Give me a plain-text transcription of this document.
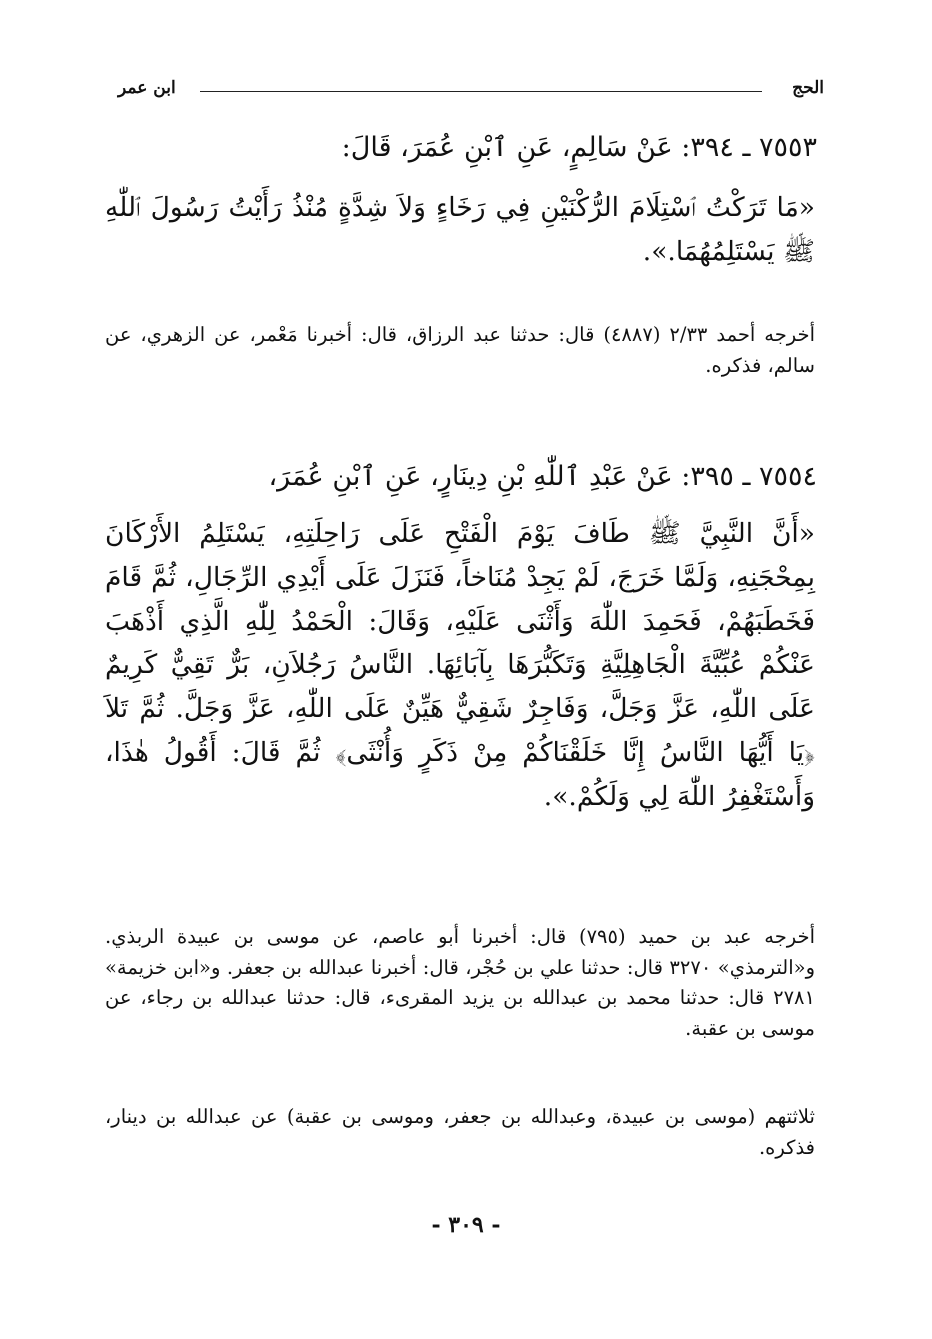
الحج
ابن عمر
٧٥٥٣ ـ ٣٩٤: عَنْ سَالِمٍ، عَنِ ٱبْنِ عُمَرَ، قَالَ:
«مَا تَرَكْتُ ٱسْتِلَامَ الرُّكْنَيْنِ فِي رَخَاءٍ وَلاَ شِدَّةٍ مُنْذُ رَأَيْتُ رَسُولَ ٱللّٰهِ ﷺ يَسْتَلِمُهُمَا.».
أخرجه أحمد ٢/٣٣ (٤٨٨٧) قال: حدثنا عبد الرزاق، قال: أخبرنا مَعْمر، عن الزهري، عن سالم، فذكره.
٧٥٥٤ ـ ٣٩٥: عَنْ عَبْدِ ٱللّٰهِ بْنِ دِينَارٍ، عَنِ ٱبْنِ عُمَرَ،
«أَنَّ النَّبِيَّ ﷺ طَافَ يَوْمَ الْفَتْحِ عَلَى رَاحِلَتِهِ، يَسْتَلِمُ الأَرْكَانَ بِمِحْجَنِهِ، وَلَمَّا خَرَجَ، لَمْ يَجِدْ مُنَاخاً، فَنَزَلَ عَلَى أَيْدِي الرِّجَالِ، ثُمَّ قَامَ فَخَطَبَهُمْ، فَحَمِدَ اللّٰهَ وَأَثْنَى عَلَيْهِ، وَقَالَ: الْحَمْدُ لِلّٰهِ الَّذِي أَذْهَبَ عَنْكُمْ عُبِّيَّةَ الْجَاهِلِيَّةِ وَتَكَبُّرَهَا بِآبَائِهَا. النَّاسُ رَجُلاَنِ، بَرٌّ تَقِيٌّ كَرِيمٌ عَلَى اللّٰهِ، عَزَّ وَجَلَّ، وَفَاجِرٌ شَقِيٌّ هَيِّنٌ عَلَى اللّٰهِ، عَزَّ وَجَلَّ. ثُمَّ تَلاَ ﴿يَا أَيُّهَا النَّاسُ إِنَّا خَلَقْنَاكُمْ مِنْ ذَكَرٍ وَأُنْثَى﴾ ثُمَّ قَالَ: أَقُولُ هٰذَا، وَأَسْتَغْفِرُ اللّٰهَ لِي وَلَكُمْ.».
أخرجه عبد بن حميد (٧٩٥) قال: أخبرنا أبو عاصم، عن موسى بن عبيدة الربذي. و«الترمذي» ٣٢٧٠ قال: حدثنا علي بن حُجْر، قال: أخبرنا عبدالله بن جعفر. و«ابن خزيمة» ٢٧٨١ قال: حدثنا محمد بن عبدالله بن يزيد المقرىء، قال: حدثنا عبدالله بن رجاء، عن موسى بن عقبة.
ثلاثتهم (موسى بن عبيدة، وعبدالله بن جعفر، وموسى بن عقبة) عن عبدالله بن دينار، فذكره.
- ٣٠٩ -
